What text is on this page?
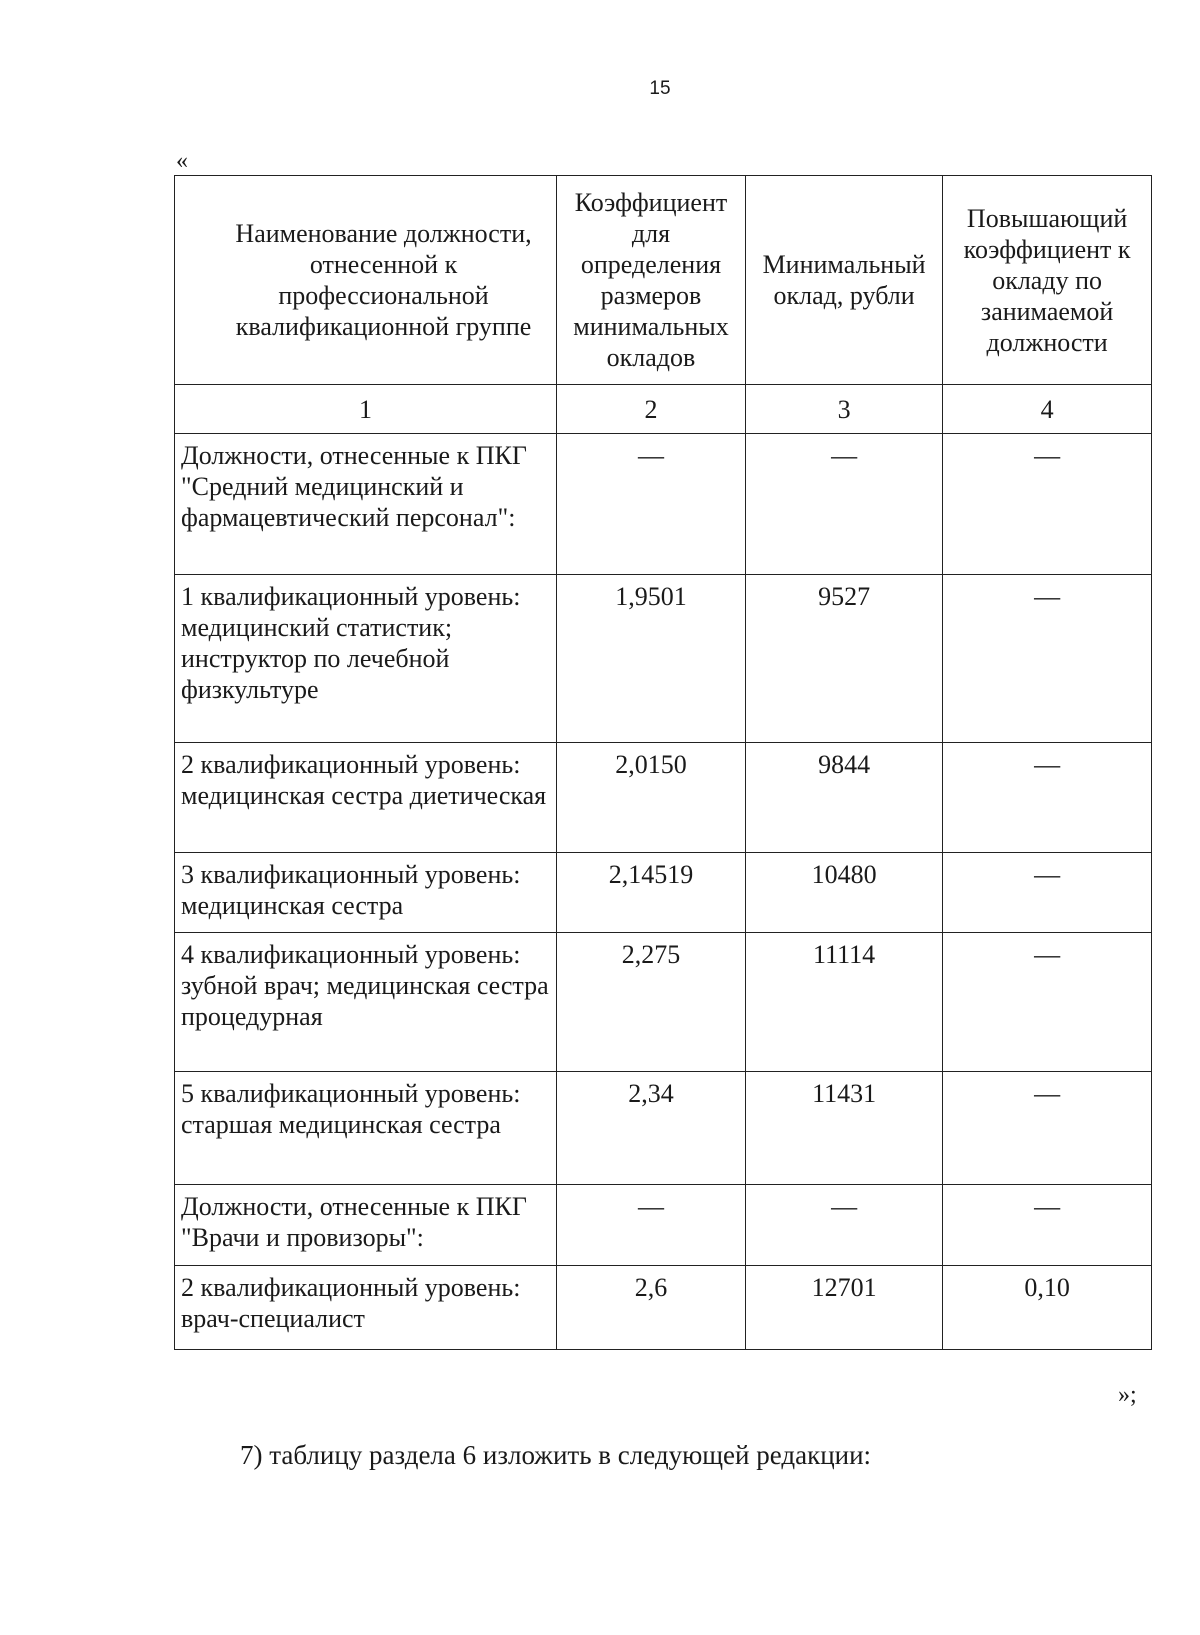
15
«
Наименование должности, отнесенной к профессиональной квалификационной группе	Коэффициент для определения размеров минимальных окладов	Минимальный оклад, рубли	Повышающий коэффициент к окладу по занимаемой должности
1	2	3	4
Должности, отнесенные к ПКГ "Средний медицинский и фармацевтический персонал":	—	—	—
1 квалификационный уровень: медицинский статистик; инструктор по лечебной физкультуре	1,9501	9527	—
2 квалификационный уровень: медицинская сестра диетическая	2,0150	9844	—
3 квалификационный уровень: медицинская сестра	2,14519	10480	—
4 квалификационный уровень: зубной врач; медицинская сестра процедурная	2,275	11114	—
5 квалификационный уровень: старшая медицинская сестра	2,34	11431	—
Должности, отнесенные к ПКГ "Врачи и провизоры":	—	—	—
2 квалификационный уровень: врач-специалист	2,6	12701	0,10
»;
7) таблицу раздела 6 изложить в следующей редакции:
